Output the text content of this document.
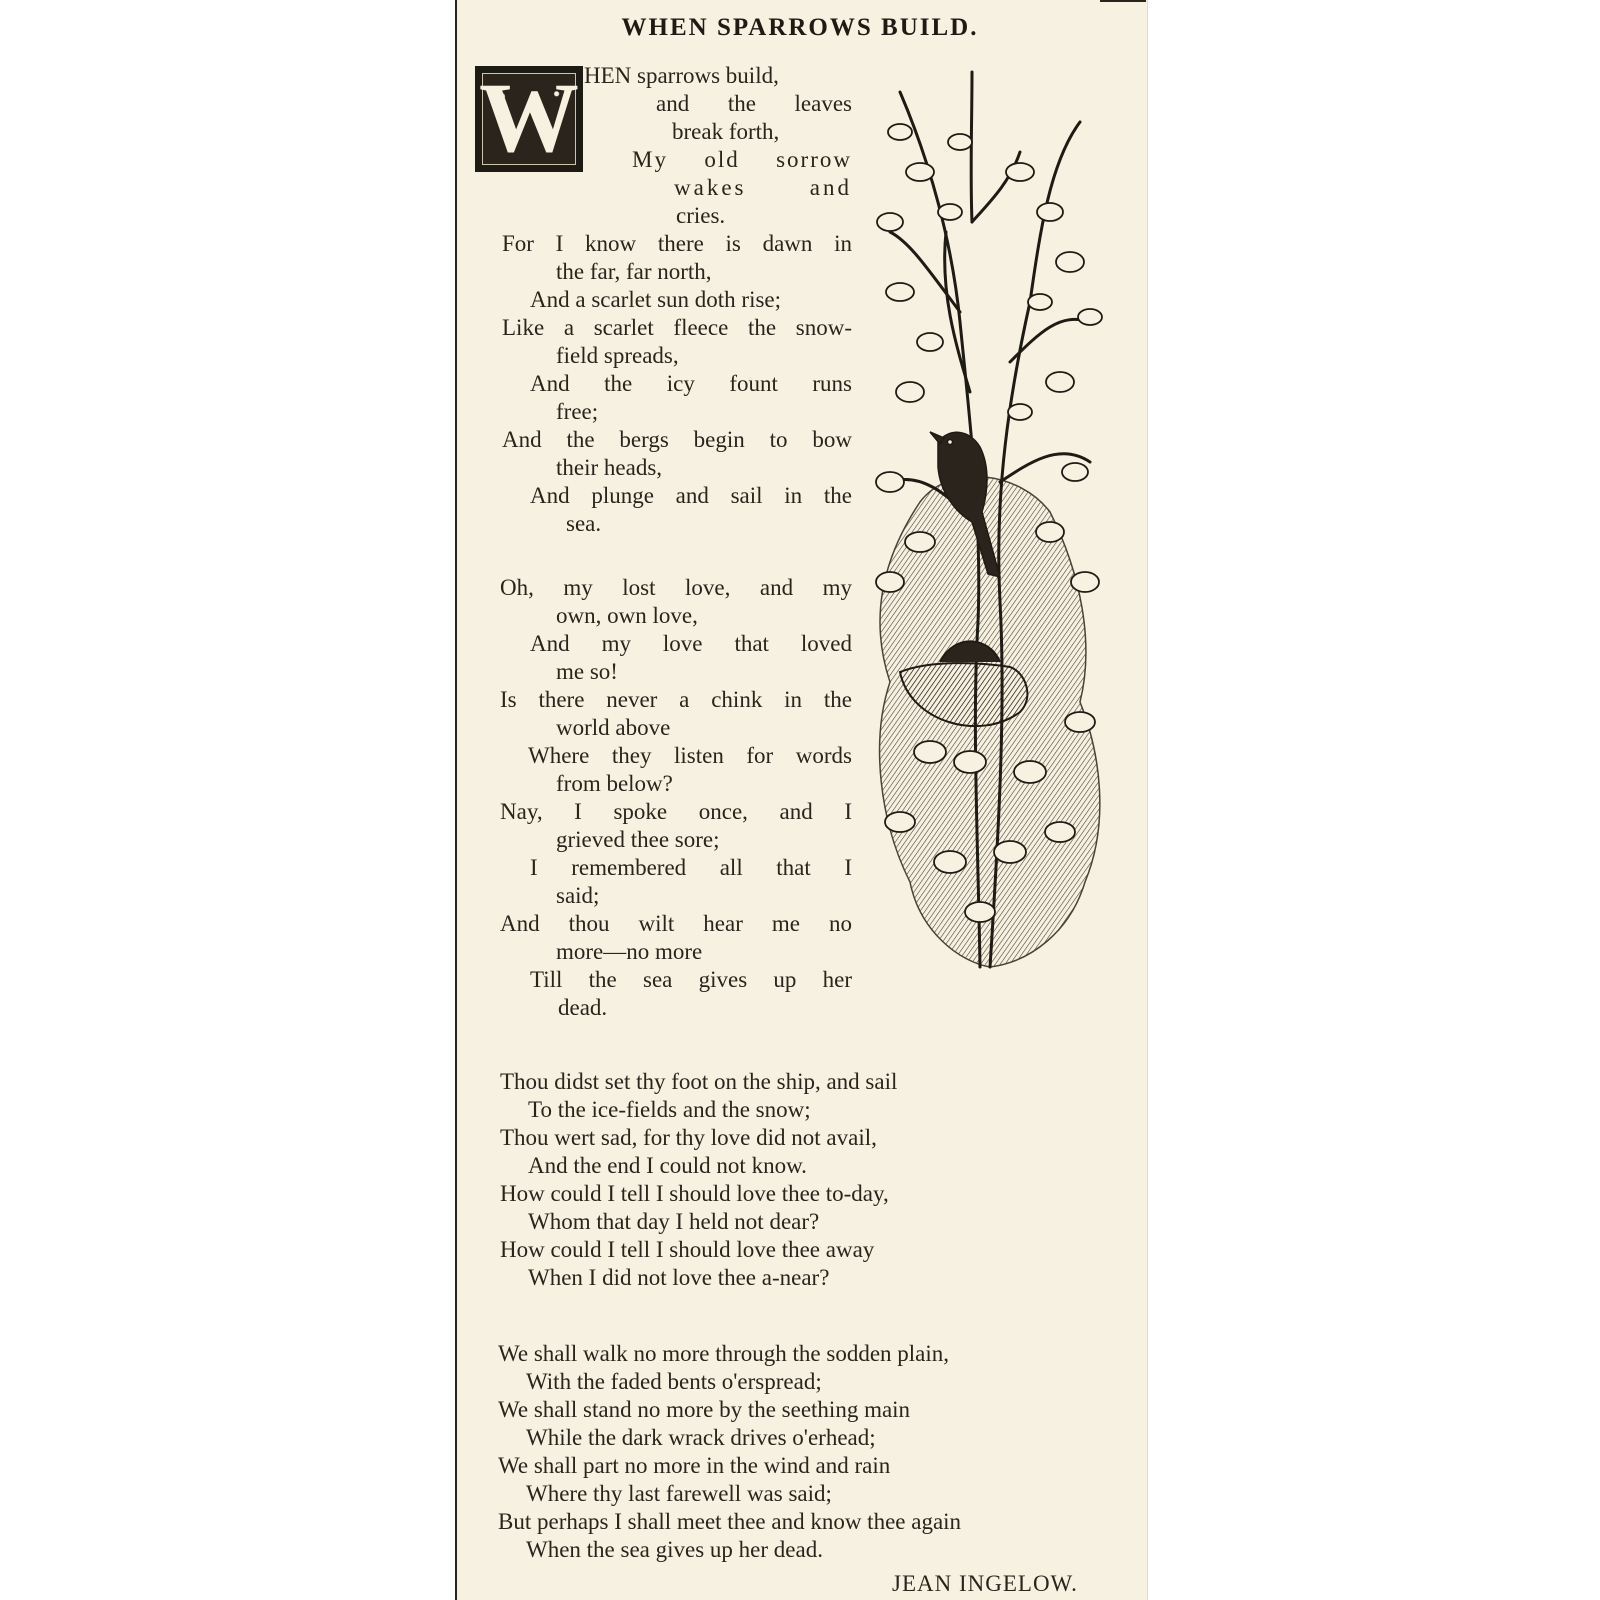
WHEN SPARROWS BUILD.
W HEN sparrows build,
and the leaves
break forth,
My old sorrow
wakes and
cries.
For I know there is dawn in
the far, far north,
And a scarlet sun doth rise;
Like a scarlet fleece the snow-
field spreads,
And the icy fount runs
free;
And the bergs begin to bow
their heads,
And plunge and sail in the
sea.
Oh, my lost love, and my
own, own love,
And my love that loved
me so!
Is there never a chink in the
world above
Where they listen for words
from below?
Nay, I spoke once, and I
grieved thee sore;
I remembered all that I
said;
And thou wilt hear me no
more—no more
Till the sea gives up her
dead.
Thou didst set thy foot on the ship, and sail
To the ice-fields and the snow;
Thou wert sad, for thy love did not avail,
And the end I could not know.
How could I tell I should love thee to-day,
Whom that day I held not dear?
How could I tell I should love thee away
When I did not love thee a-near?
We shall walk no more through the sodden plain,
With the faded bents o'erspread;
We shall stand no more by the seething main
While the dark wrack drives o'erhead;
We shall part no more in the wind and rain
Where thy last farewell was said;
But perhaps I shall meet thee and know thee again
When the sea gives up her dead.
JEAN INGELOW.
